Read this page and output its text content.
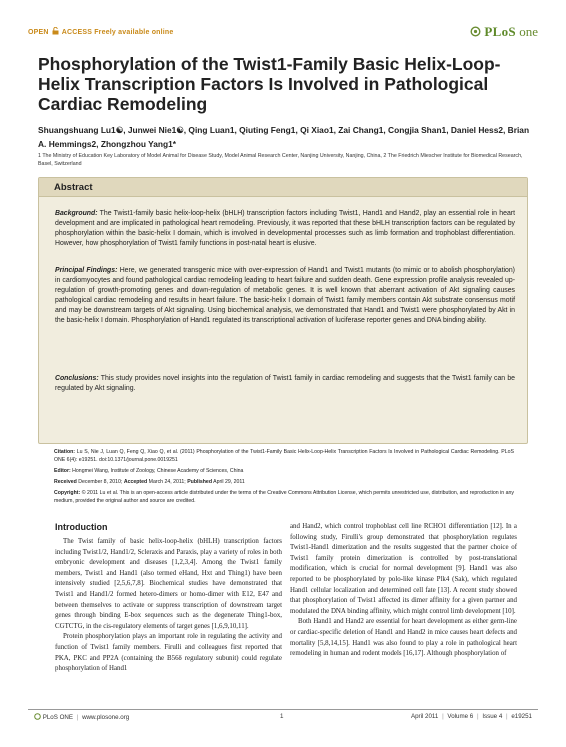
OPEN ACCESS Freely available online	PLoS one
Phosphorylation of the Twist1-Family Basic Helix-Loop-Helix Transcription Factors Is Involved in Pathological Cardiac Remodeling
Shuangshuang Lu1☯, Junwei Nie1☯, Qing Luan1, Qiuting Feng1, Qi Xiao1, Zai Chang1, Congjia Shan1, Daniel Hess2, Brian A. Hemmings2, Zhongzhou Yang1*
1 The Ministry of Education Key Laboratory of Model Animal for Disease Study, Model Animal Research Center, Nanjing University, Nanjing, China, 2 The Friedrich Miescher Institute for Biomedical Research, Basel, Switzerland
Abstract
Background: The Twist1-family basic helix-loop-helix (bHLH) transcription factors including Twist1, Hand1 and Hand2, play an essential role in heart development and are implicated in pathological heart remodeling. Previously, it was reported that these bHLH transcription factors can be regulated by phosphorylation within the basic-helix I domain, which is involved in developmental processes such as limb formation and trophoblast differentiation. However, how phosphorylation of Twist1 family functions in post-natal heart is elusive.
Principal Findings: Here, we generated transgenic mice with over-expression of Hand1 and Twist1 mutants (to mimic or to abolish phosphorylation) in cardiomyocytes and found pathological cardiac remodeling leading to heart failure and sudden death. Gene expression profile analysis revealed up-regulation of growth-promoting genes and down-regulation of metabolic genes. It is well known that aberrant activation of Akt signaling causes pathological cardiac remodeling and results in heart failure. The basic-helix I domain of Twist1 family members contain Akt substrate consensus motif and may be downstream targets of Akt signaling. Using biochemical analysis, we demonstrated that Hand1 and Twist1 were phosphorylated by Akt in the basic-helix I domain. Phosphorylation of Hand1 regulated its transcriptional activation of luciferase reporter genes and DNA binding ability.
Conclusions: This study provides novel insights into the regulation of Twist1 family in cardiac remodeling and suggests that the Twist1 family can be regulated by Akt signaling.
Citation: Lu S, Nie J, Luan Q, Feng Q, Xiao Q, et al. (2011) Phosphorylation of the Twist1-Family Basic Helix-Loop-Helix Transcription Factors Is Involved in Pathological Cardiac Remodeling. PLoS ONE 6(4): e19251. doi:10.1371/journal.pone.0019251
Editor: Hongmei Wang, Institute of Zoology, Chinese Academy of Sciences, China
Received December 8, 2010; Accepted March 24, 2011; Published April 29, 2011
Copyright: © 2011 Lu et al. This is an open-access article distributed under the terms of the Creative Commons Attribution License, which permits unrestricted use, distribution, and reproduction in any medium, provided the original author and source are credited.
Introduction
The Twist family of basic helix-loop-helix (bHLH) transcription factors including Twist1/2, Hand1/2, Scleraxis and Paraxis, play a variety of roles in both embryonic development and diseases [1,2,3,4]. Among the Twist1 family members, Twist1 and Hand1 (also termed eHand, Hxt and Thing1) have been intensively studied [2,5,6,7,8]. Biochemical studies have demonstrated that Twist1 and Hand1/2 formed hetero-dimers or homo-dimer with E12, E47 and between themselves to activate or suppress transcription of downstream target genes through binding E-box sequences such as the degenerate Thing1-box, CGTCTG, in the cis-regulatory elements of target genes [1,6,9,10,11].
Protein phosphorylation plays an important role in regulating the activity and function of Twist1 family members. Firulli and colleagues first reported that PKA, PKC and PP2A (containing the B56δ regulatory subunit) could regulate phosphorylation of Hand1
and Hand2, which control trophoblast cell line RCHO1 differentiation [12]. In a following study, Firulli's group demonstrated that phosphorylation regulates Twist1-Hand1 dimerization and the results suggested that the partner choice of Twist1 family protein dimerization is controlled by post-translational modification, which is crucial for normal development [9]. Hand1 was also reported to be phosphorylated by polo-like kinase Plk4 (Sak), which regulated Hand1 cellular localization and determined cell fate [13]. A recent study showed that phosphorylation of Twist1 affected its dimer affinity for a given partner and modulated the DNA binding affinity, which might control limb development [10].
Both Hand1 and Hand2 are essential for heart development as either germ-line or cardiac-specific deletion of Hand1 and Hand2 in mice causes heart defects and mortality [5,8,14,15]. Hand1 was also found to play a role in pathological heart remodeling in human and rodent models [16,17]. Although phosphorylation of
PLoS ONE | www.plosone.org	1	April 2011 | Volume 6 | Issue 4 | e19251
